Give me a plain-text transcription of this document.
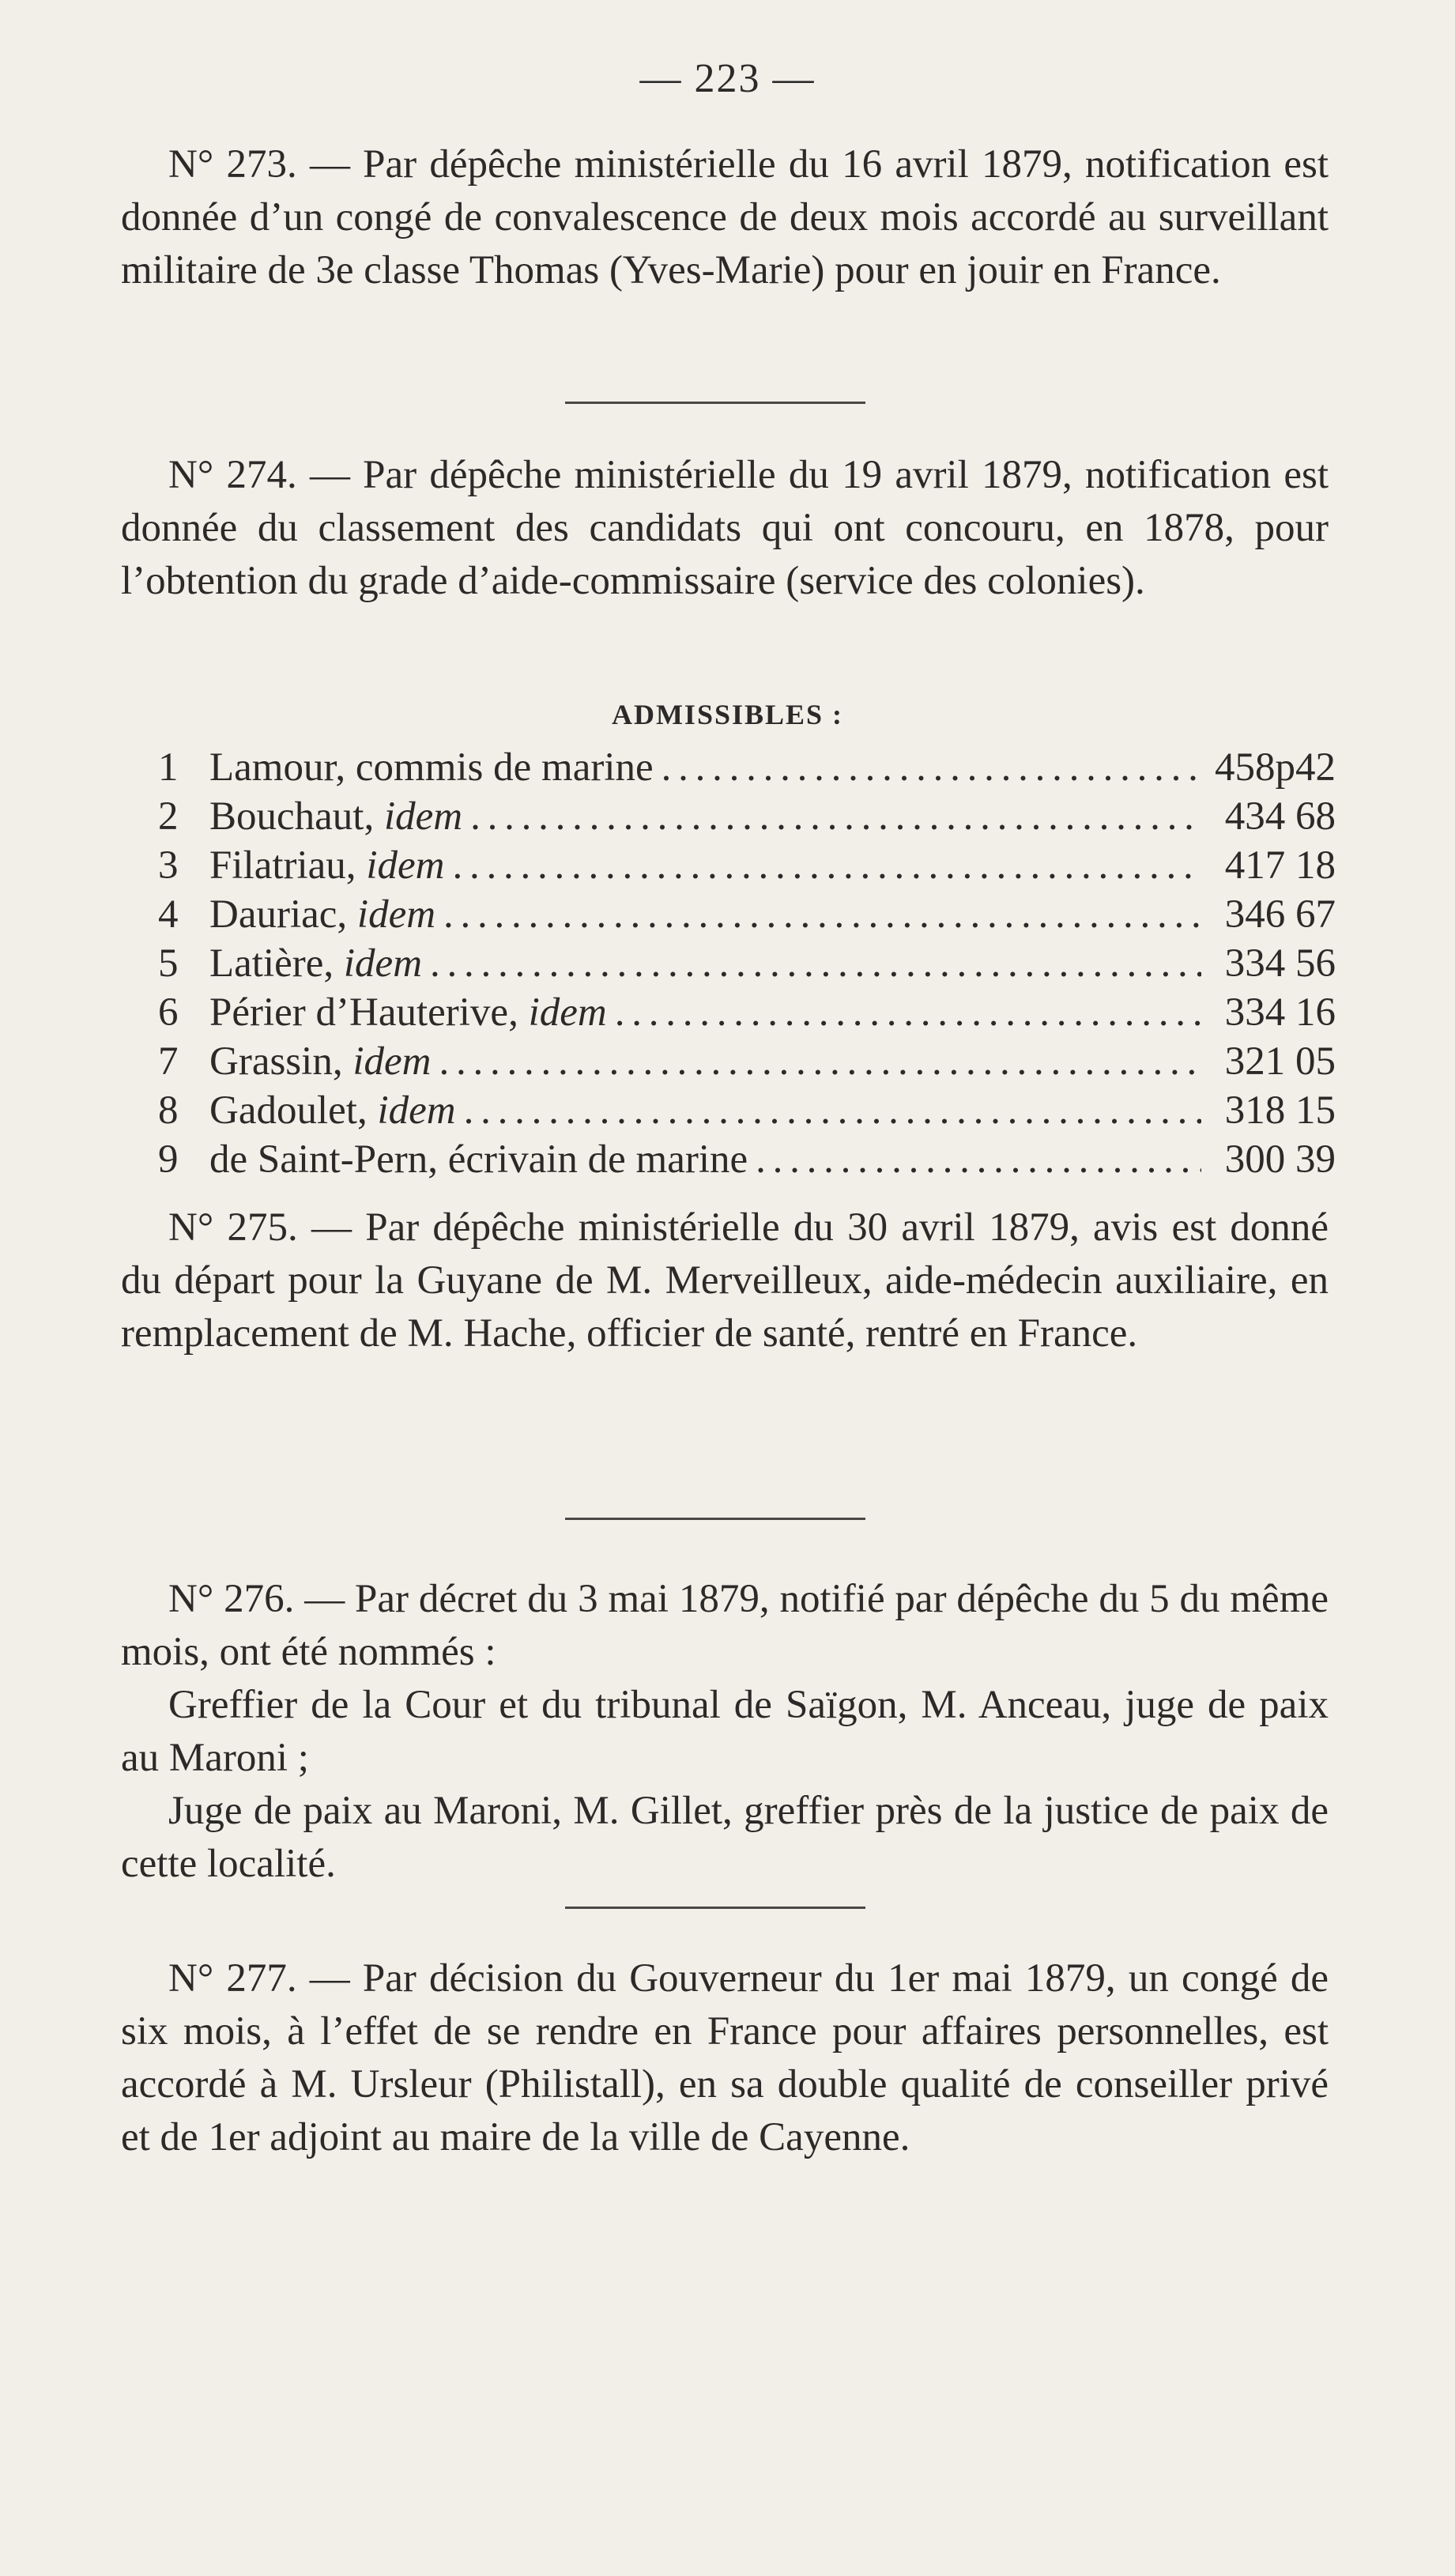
— 223 —

N° 273. — Par dépêche ministérielle du 16 avril 1879, notification est donnée d’un congé de convalescence de deux mois accordé au surveillant militaire de 3e classe Thomas (Yves-Marie) pour en jouir en France.

N° 274. — Par dépêche ministérielle du 19 avril 1879, notification est donnée du classement des candidats qui ont concouru, en 1878, pour l’obtention du grade d’aide-commissaire (service des colonies).

ADMISSIBLES :
1 Lamour, commis de marine . . .	458p42
2 Bouchaut, idem . . .	434 68
3 Filatriau, idem . . .	417 18
4 Dauriac, idem . . .	346 67
5 Latière, idem . . .	334 56
6 Périer d’Hauterive, idem . . .	334 16
7 Grassin, idem . . .	321 05
8 Gadoulet, idem . . .	318 15
9 de Saint-Pern, écrivain de marine . . .	300 39

N° 275. — Par dépêche ministérielle du 30 avril 1879, avis est donné du départ pour la Guyane de M. Merveilleux, aide-médecin auxiliaire, en remplacement de M. Hache, officier de santé, rentré en France.

N° 276. — Par décret du 3 mai 1879, notifié par dépêche du 5 du même mois, ont été nommés :

Greffier de la Cour et du tribunal de Saïgon, M. Anceau, juge de paix au Maroni ;

Juge de paix au Maroni, M. Gillet, greffier près de la justice de paix de cette localité.

N° 277. — Par décision du Gouverneur du 1er mai 1879, un congé de six mois, à l’effet de se rendre en France pour affaires personnelles, est accordé à M. Ursleur (Philistall), en sa double qualité de conseiller privé et de 1er adjoint au maire de la ville de Cayenne.
